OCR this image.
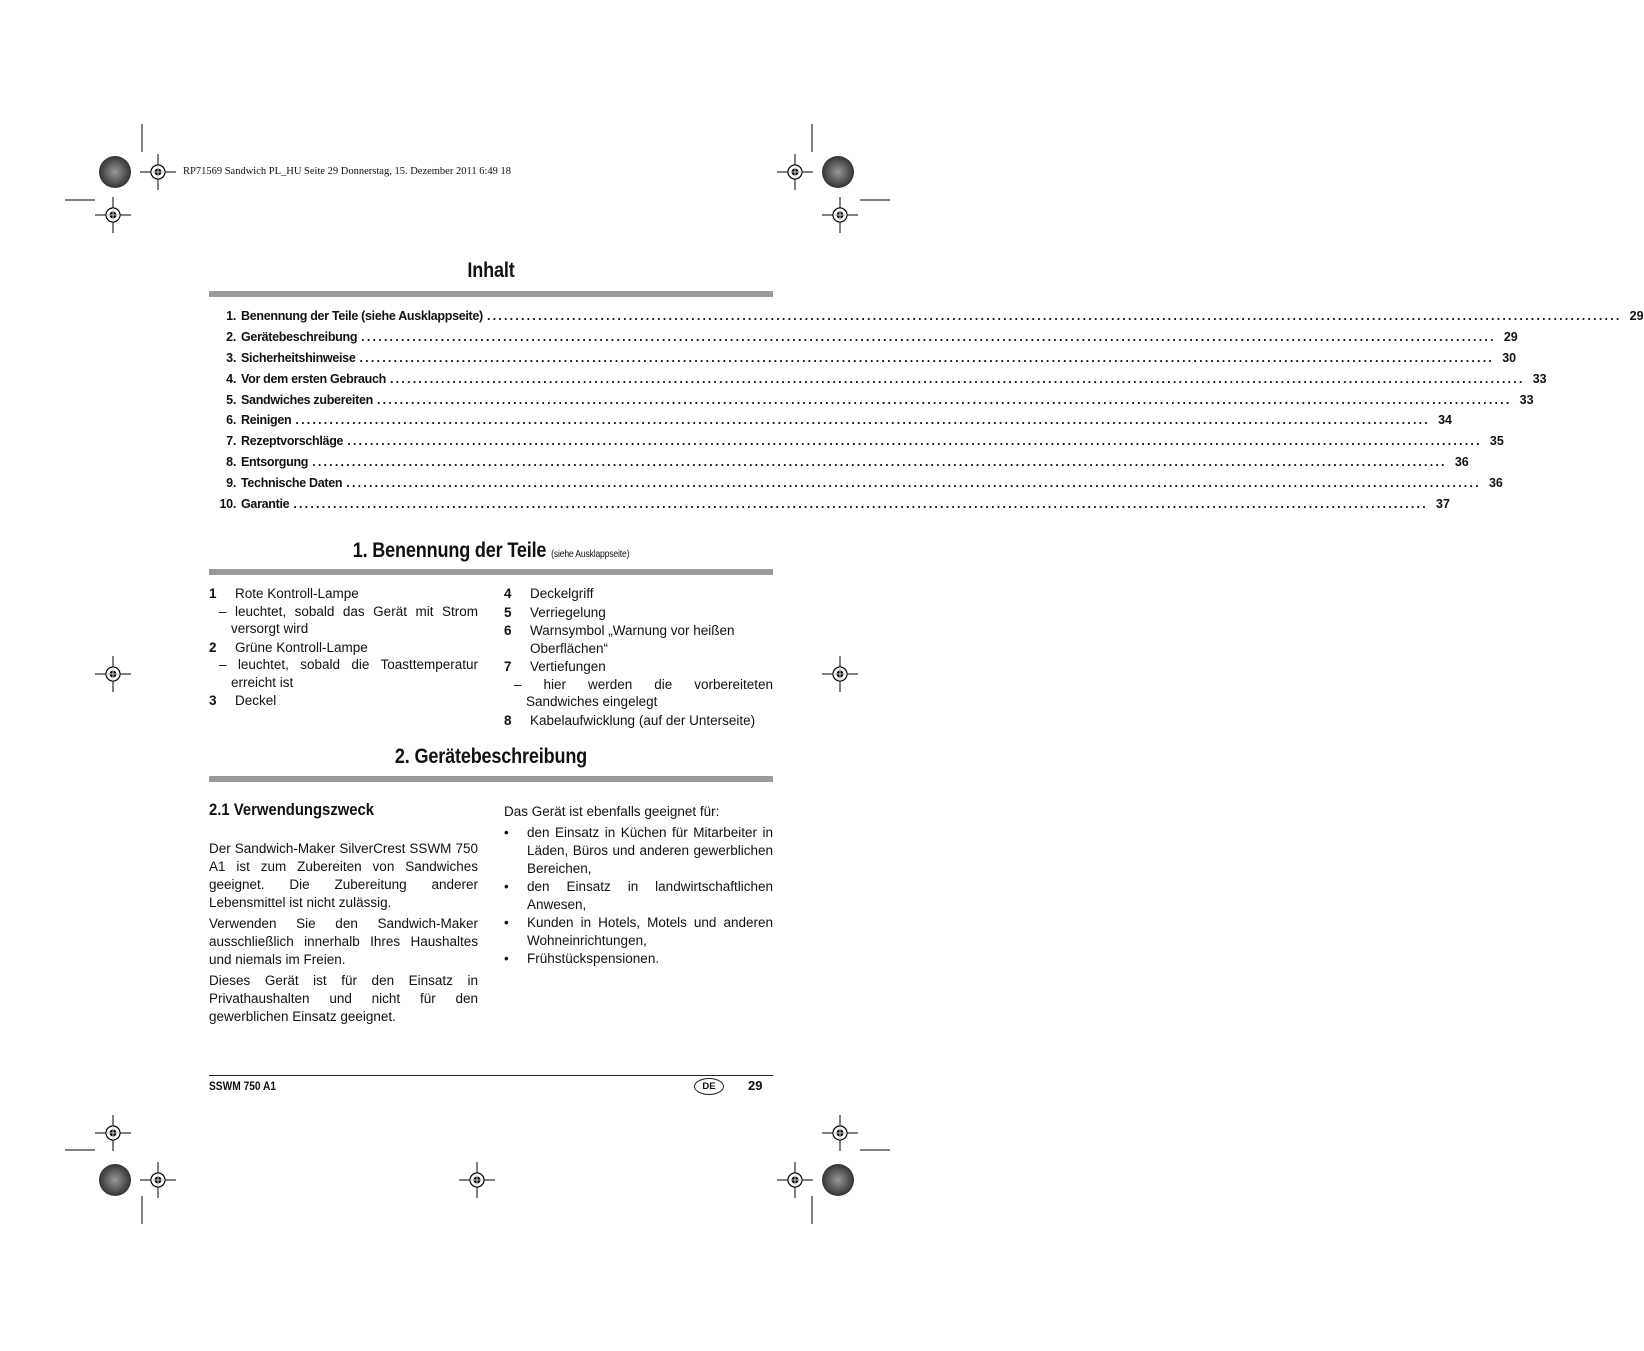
RP71569 Sandwich PL_HU Seite 29 Donnerstag, 15. Dezember 2011 6:49 18
Inhalt
1. Benennung der Teile (siehe Ausklappseite) ........................................................................................................................................................................................................ 29
2. Gerätebeschreibung ........................................................................................................................................................................................................ 29
3. Sicherheitshinweise ........................................................................................................................................................................................................ 30
4. Vor dem ersten Gebrauch ........................................................................................................................................................................................................ 33
5. Sandwiches zubereiten ........................................................................................................................................................................................................ 33
6. Reinigen ........................................................................................................................................................................................................ 34
7. Rezeptvorschläge ........................................................................................................................................................................................................ 35
8. Entsorgung ........................................................................................................................................................................................................ 36
9. Technische Daten ........................................................................................................................................................................................................ 36
10. Garantie ........................................................................................................................................................................................................ 37
1. Benennung der Teile (siehe Ausklappseite)
1	Rote Kontroll-Lampe
– leuchtet, sobald das Gerät mit Strom versorgt wird
2	Grüne Kontroll-Lampe
– leuchtet, sobald die Toasttemperatur erreicht ist
3	Deckel
4	Deckelgriff
5	Verriegelung
6	Warnsymbol „Warnung vor heißen Oberflächen“
7	Vertiefungen
– hier werden die vorbereiteten Sandwiches eingelegt
8	Kabelaufwicklung (auf der Unterseite)
2. Gerätebeschreibung
2.1 Verwendungszweck

Der Sandwich-Maker SilverCrest SSWM 750 A1 ist zum Zubereiten von Sandwiches geeignet. Die Zubereitung anderer Lebensmittel ist nicht zulässig.

Verwenden Sie den Sandwich-Maker ausschließlich innerhalb Ihres Haushaltes und niemals im Freien.

Dieses Gerät ist für den Einsatz in Privathaushalten und nicht für den gewerblichen Einsatz geeignet.

Das Gerät ist ebenfalls geeignet für:

•	den Einsatz in Küchen für Mitarbeiter in Läden, Büros und anderen gewerblichen Bereichen,
•	den Einsatz in landwirtschaftlichen Anwesen,
•	Kunden in Hotels, Motels und anderen Wohneinrichtungen,
•	Frühstückspensionen.
SSWM 750 A1	DE	29
